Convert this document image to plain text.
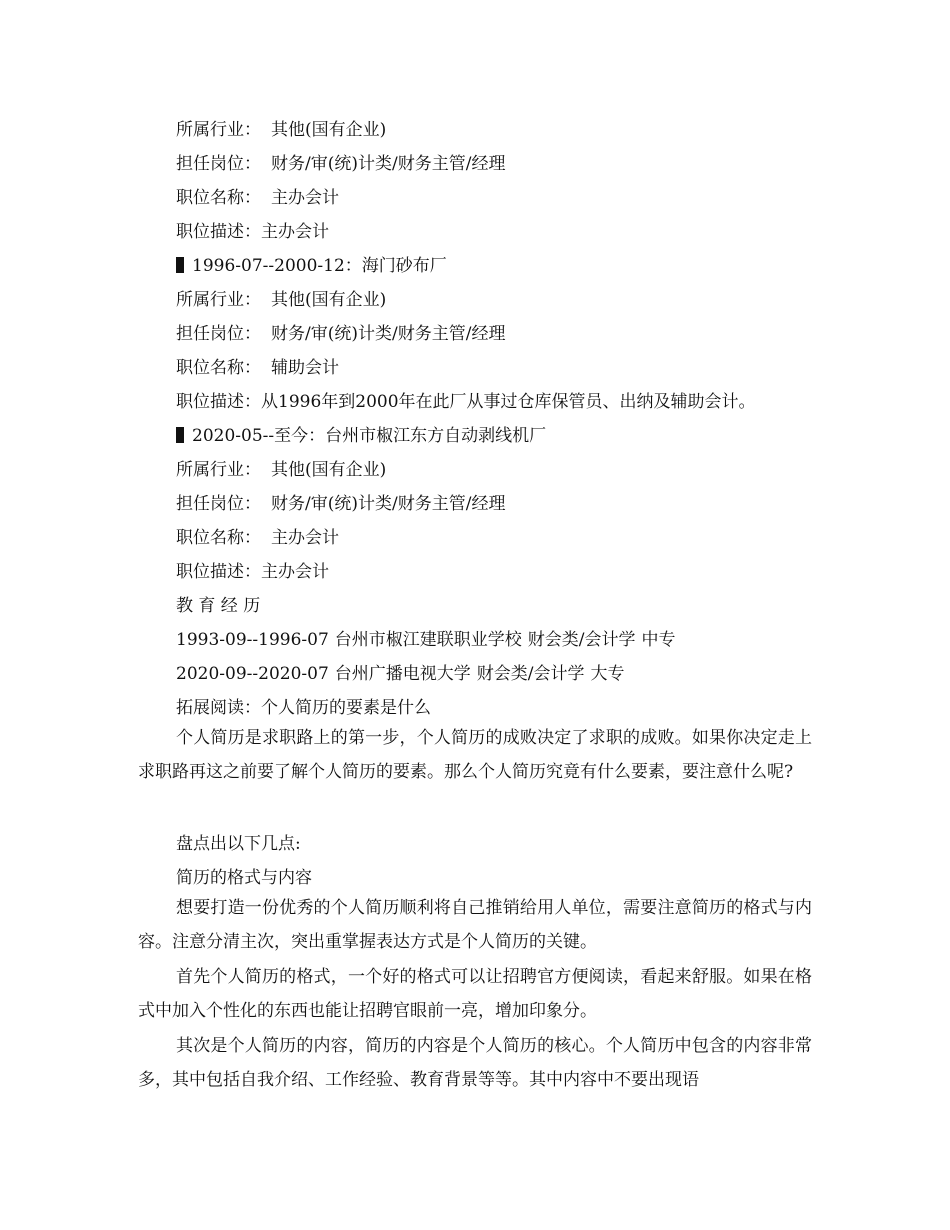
所属行业： 其他(国有企业)
担任岗位： 财务/审(统)计类/财务主管/经理
职位名称： 主办会计
职位描述：主办会计
1996-07--2000-12：海门砂布厂
所属行业： 其他(国有企业)
担任岗位： 财务/审(统)计类/财务主管/经理
职位名称： 辅助会计
职位描述：从1996年到2000年在此厂从事过仓库保管员、出纳及辅助会计。
2020-05--至今：台州市椒江东方自动剥线机厂
所属行业： 其他(国有企业)
担任岗位： 财务/审(统)计类/财务主管/经理
职位名称： 主办会计
职位描述：主办会计
教 育 经 历
1993-09--1996-07 台州市椒江建联职业学校 财会类/会计学 中专
2020-09--2020-07 台州广播电视大学 财会类/会计学 大专
拓展阅读：个人简历的要素是什么
个人简历是求职路上的第一步，个人简历的成败决定了求职的成败。如果你决定走上求职路再这之前要了解个人简历的要素。那么个人简历究竟有什么要素，要注意什么呢?
盘点出以下几点:
简历的格式与内容
想要打造一份优秀的个人简历顺利将自己推销给用人单位，需要注意简历的格式与内容。注意分清主次，突出重掌握表达方式是个人简历的关键。
首先个人简历的格式，一个好的格式可以让招聘官方便阅读，看起来舒服。如果在格式中加入个性化的东西也能让招聘官眼前一亮，增加印象分。
其次是个人简历的内容，简历的内容是个人简历的核心。个人简历中包含的内容非常多，其中包括自我介绍、工作经验、教育背景等等。其中内容中不要出现语
